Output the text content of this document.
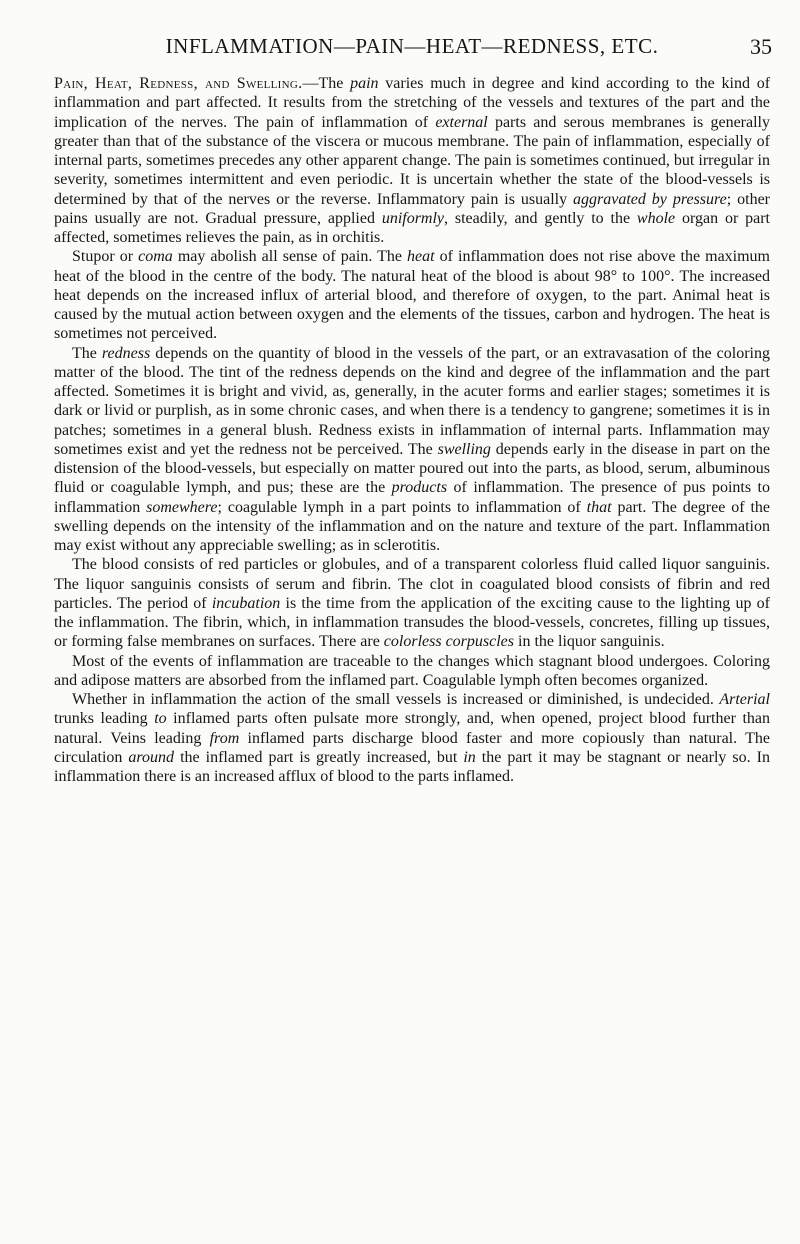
INFLAMMATION—PAIN—HEAT—REDNESS, ETC.	35

Pain, Heat, Redness, and Swelling.—The pain varies much in degree and kind according to the kind of inflammation and part affected. It results from the stretching of the vessels and textures of the part and the implication of the nerves. The pain of inflammation of external parts and serous membranes is generally greater than that of the substance of the viscera or mucous membrane. The pain of inflammation, especially of internal parts, sometimes precedes any other apparent change. The pain is sometimes continued, but irregular in severity, sometimes intermittent and even periodic. It is uncertain whether the state of the blood-vessels is determined by that of the nerves or the reverse. Inflammatory pain is usually aggravated by pressure; other pains usually are not. Gradual pressure, applied uniformly, steadily, and gently to the whole organ or part affected, sometimes relieves the pain, as in orchitis.

Stupor or coma may abolish all sense of pain. The heat of inflammation does not rise above the maximum heat of the blood in the centre of the body. The natural heat of the blood is about 98° to 100°. The increased heat depends on the increased influx of arterial blood, and therefore of oxygen, to the part. Animal heat is caused by the mutual action between oxygen and the elements of the tissues, carbon and hydrogen. The heat is sometimes not perceived.

The redness depends on the quantity of blood in the vessels of the part, or an extravasation of the coloring matter of the blood. The tint of the redness depends on the kind and degree of the inflammation and the part affected. Sometimes it is bright and vivid, as, generally, in the acuter forms and earlier stages; sometimes it is dark or livid or purplish, as in some chronic cases, and when there is a tendency to gangrene; sometimes it is in patches; sometimes in a general blush. Redness exists in inflammation of internal parts. Inflammation may sometimes exist and yet the redness not be perceived. The swelling depends early in the disease in part on the distension of the blood-vessels, but especially on matter poured out into the parts, as blood, serum, albuminous fluid or coagulable lymph, and pus; these are the products of inflammation. The presence of pus points to inflammation somewhere; coagulable lymph in a part points to inflammation of that part. The degree of the swelling depends on the intensity of the inflammation and on the nature and texture of the part. Inflammation may exist without any appreciable swelling; as in sclerotitis.

The blood consists of red particles or globules, and of a transparent colorless fluid called liquor sanguinis. The liquor sanguinis consists of serum and fibrin. The clot in coagulated blood consists of fibrin and red particles. The period of incubation is the time from the application of the exciting cause to the lighting up of the inflammation. The fibrin, which, in inflammation transudes the blood-vessels, concretes, filling up tissues, or forming false membranes on surfaces. There are colorless corpuscles in the liquor sanguinis.

Most of the events of inflammation are traceable to the changes which stagnant blood undergoes. Coloring and adipose matters are absorbed from the inflamed part. Coagulable lymph often becomes organized.

Whether in inflammation the action of the small vessels is increased or diminished, is undecided. Arterial trunks leading to inflamed parts often pulsate more strongly, and, when opened, project blood further than natural. Veins leading from inflamed parts discharge blood faster and more copiously than natural. The circulation around the inflamed part is greatly increased, but in the part it may be stagnant or nearly so. In inflammation there is an increased afflux of blood to the parts inflamed.
